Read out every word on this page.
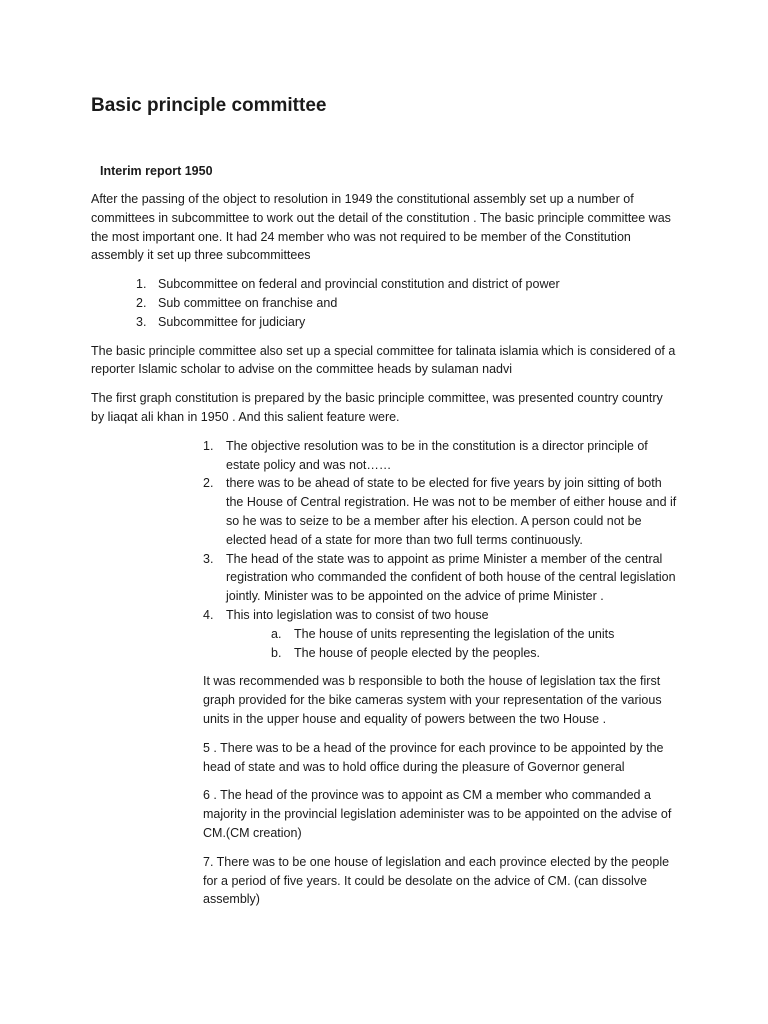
Basic principle committee
Interim report 1950

After the passing of the object to resolution in 1949 the constitutional assembly set up a number of committees in subcommittee to work out the detail of the constitution . The basic principle committee was the most important one. It had 24 member who was not required to be member of the Constitution assembly it set up three subcommittees

1. Subcommittee on federal and provincial constitution and district of power
2. Sub committee on franchise and
3. Subcommittee for judiciary

The basic principle committee also set up a special committee for talinata islamia which is considered of a reporter Islamic scholar to advise on the committee heads by sulaman nadvi

The first graph constitution is prepared by the basic principle committee, was presented country country by liaqat ali khan in 1950 . And this salient feature were.

1. The objective resolution was to be in the constitution is a director principle of estate policy and was not……
2. there was to be ahead of state to be elected for five years by join sitting of both the House of Central registration. He was not to be member of either house and if so he was to seize to be a member after his election. A person could not be elected head of a state for more than two full terms continuously.
3. The head of the state was to appoint as prime Minister a member of the central registration who commanded the confident of both house of the central legislation jointly. Minister was to be appointed on the advice of prime Minister .
4. This into legislation was to consist of two house
a. The house of units representing the legislation of the units
b. The house of people elected by the peoples.

It was recommended was b responsible to both the house of legislation tax the first graph provided for the bike cameras system with your representation of the various units in the upper house and equality of powers between the two House .

5 . There was to be a head of the province for each province to be appointed by the head of state and was to hold office during the pleasure of Governor general

6 . The head of the province was to appoint as CM a member who commanded a majority in the provincial legislation ademinister was to be appointed on the advise of CM.(CM creation)

7. There was to be one house of legislation and each province elected by the people for a period of five years. It could be desolate on the advice of CM. (can dissolve assembly)
